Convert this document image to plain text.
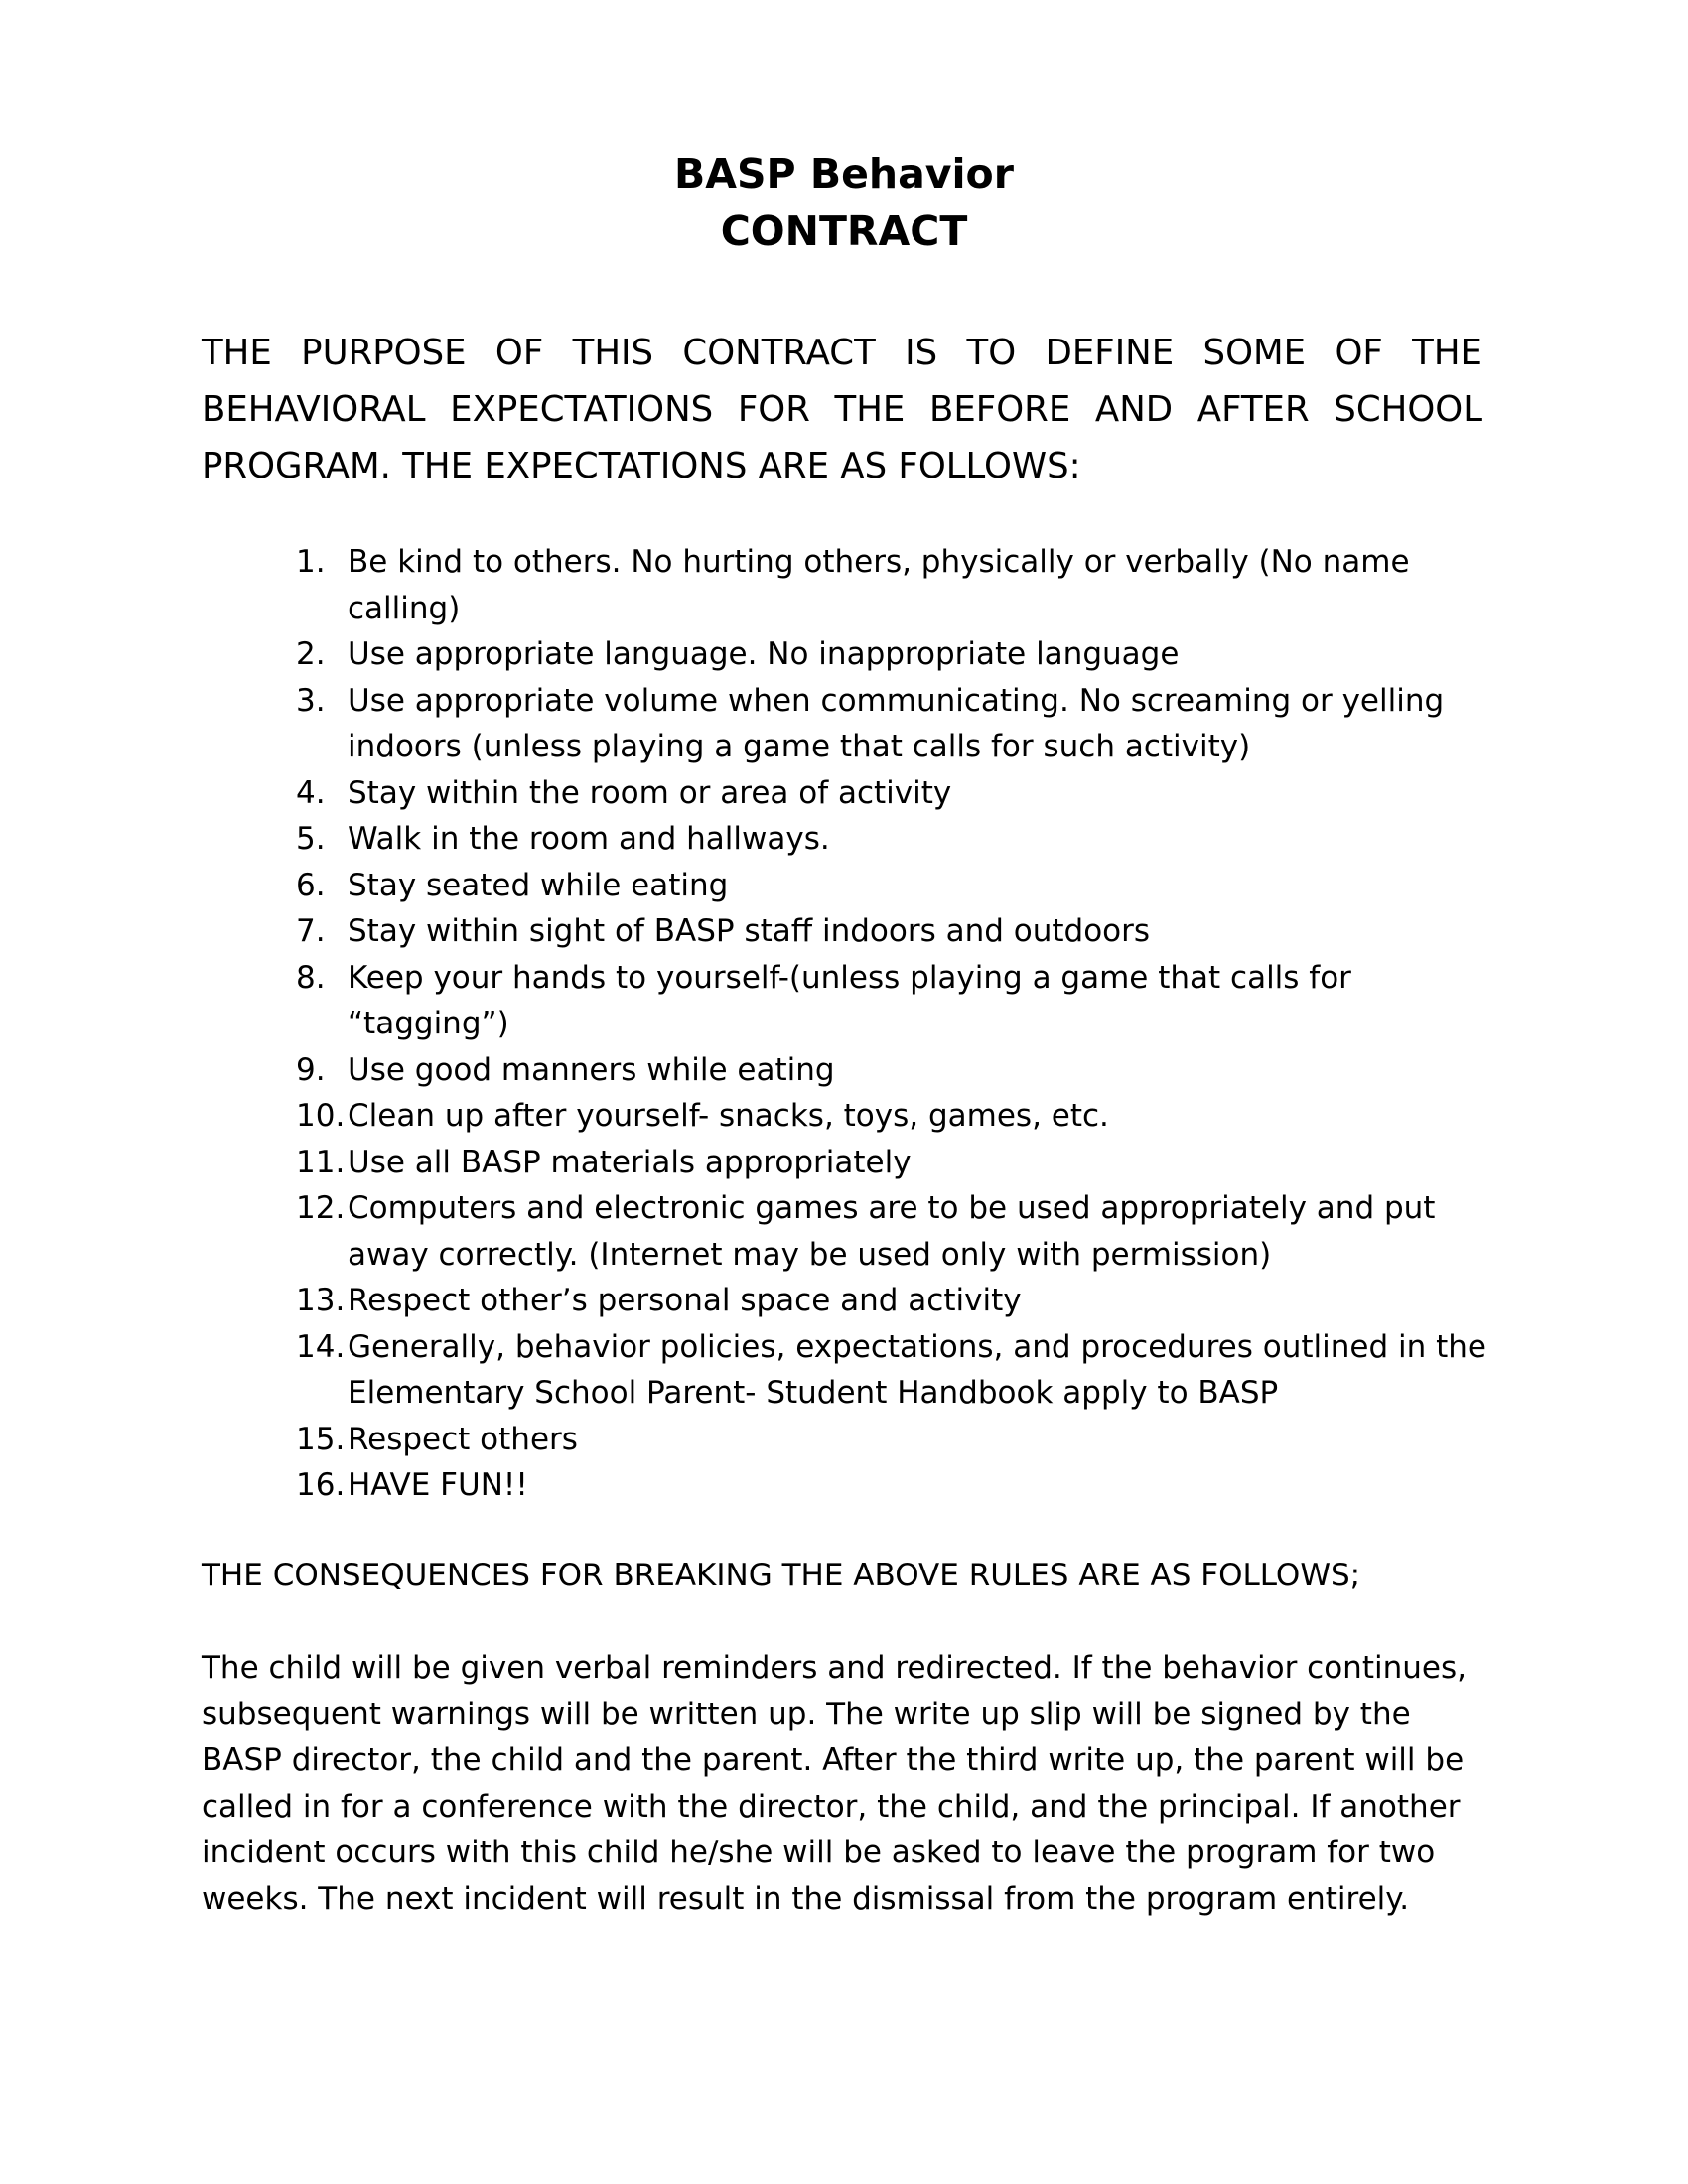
BASP Behavior
CONTRACT

THE PURPOSE OF THIS CONTRACT IS TO DEFINE SOME OF THE BEHAVIORAL EXPECTATIONS FOR THE BEFORE AND AFTER SCHOOL PROGRAM. THE EXPECTATIONS ARE AS FOLLOWS:

1. Be kind to others. No hurting others, physically or verbally (No name calling)
2. Use appropriate language. No inappropriate language
3. Use appropriate volume when communicating. No screaming or yelling indoors (unless playing a game that calls for such activity)
4. Stay within the room or area of activity
5. Walk in the room and hallways.
6. Stay seated while eating
7. Stay within sight of BASP staff indoors and outdoors
8. Keep your hands to yourself-(unless playing a game that calls for “tagging”)
9. Use good manners while eating
10. Clean up after yourself- snacks, toys, games, etc.
11. Use all BASP materials appropriately
12. Computers and electronic games are to be used appropriately and put away correctly. (Internet may be used only with permission)
13. Respect other’s personal space and activity
14. Generally, behavior policies, expectations, and procedures outlined in the Elementary School Parent- Student Handbook apply to BASP
15. Respect others
16. HAVE FUN!!

THE CONSEQUENCES FOR BREAKING THE ABOVE RULES ARE AS FOLLOWS;

The child will be given verbal reminders and redirected. If the behavior continues, subsequent warnings will be written up. The write up slip will be signed by the BASP director, the child and the parent. After the third write up, the parent will be called in for a conference with the director, the child, and the principal. If another incident occurs with this child he/she will be asked to leave the program for two weeks. The next incident will result in the dismissal from the program entirely.
